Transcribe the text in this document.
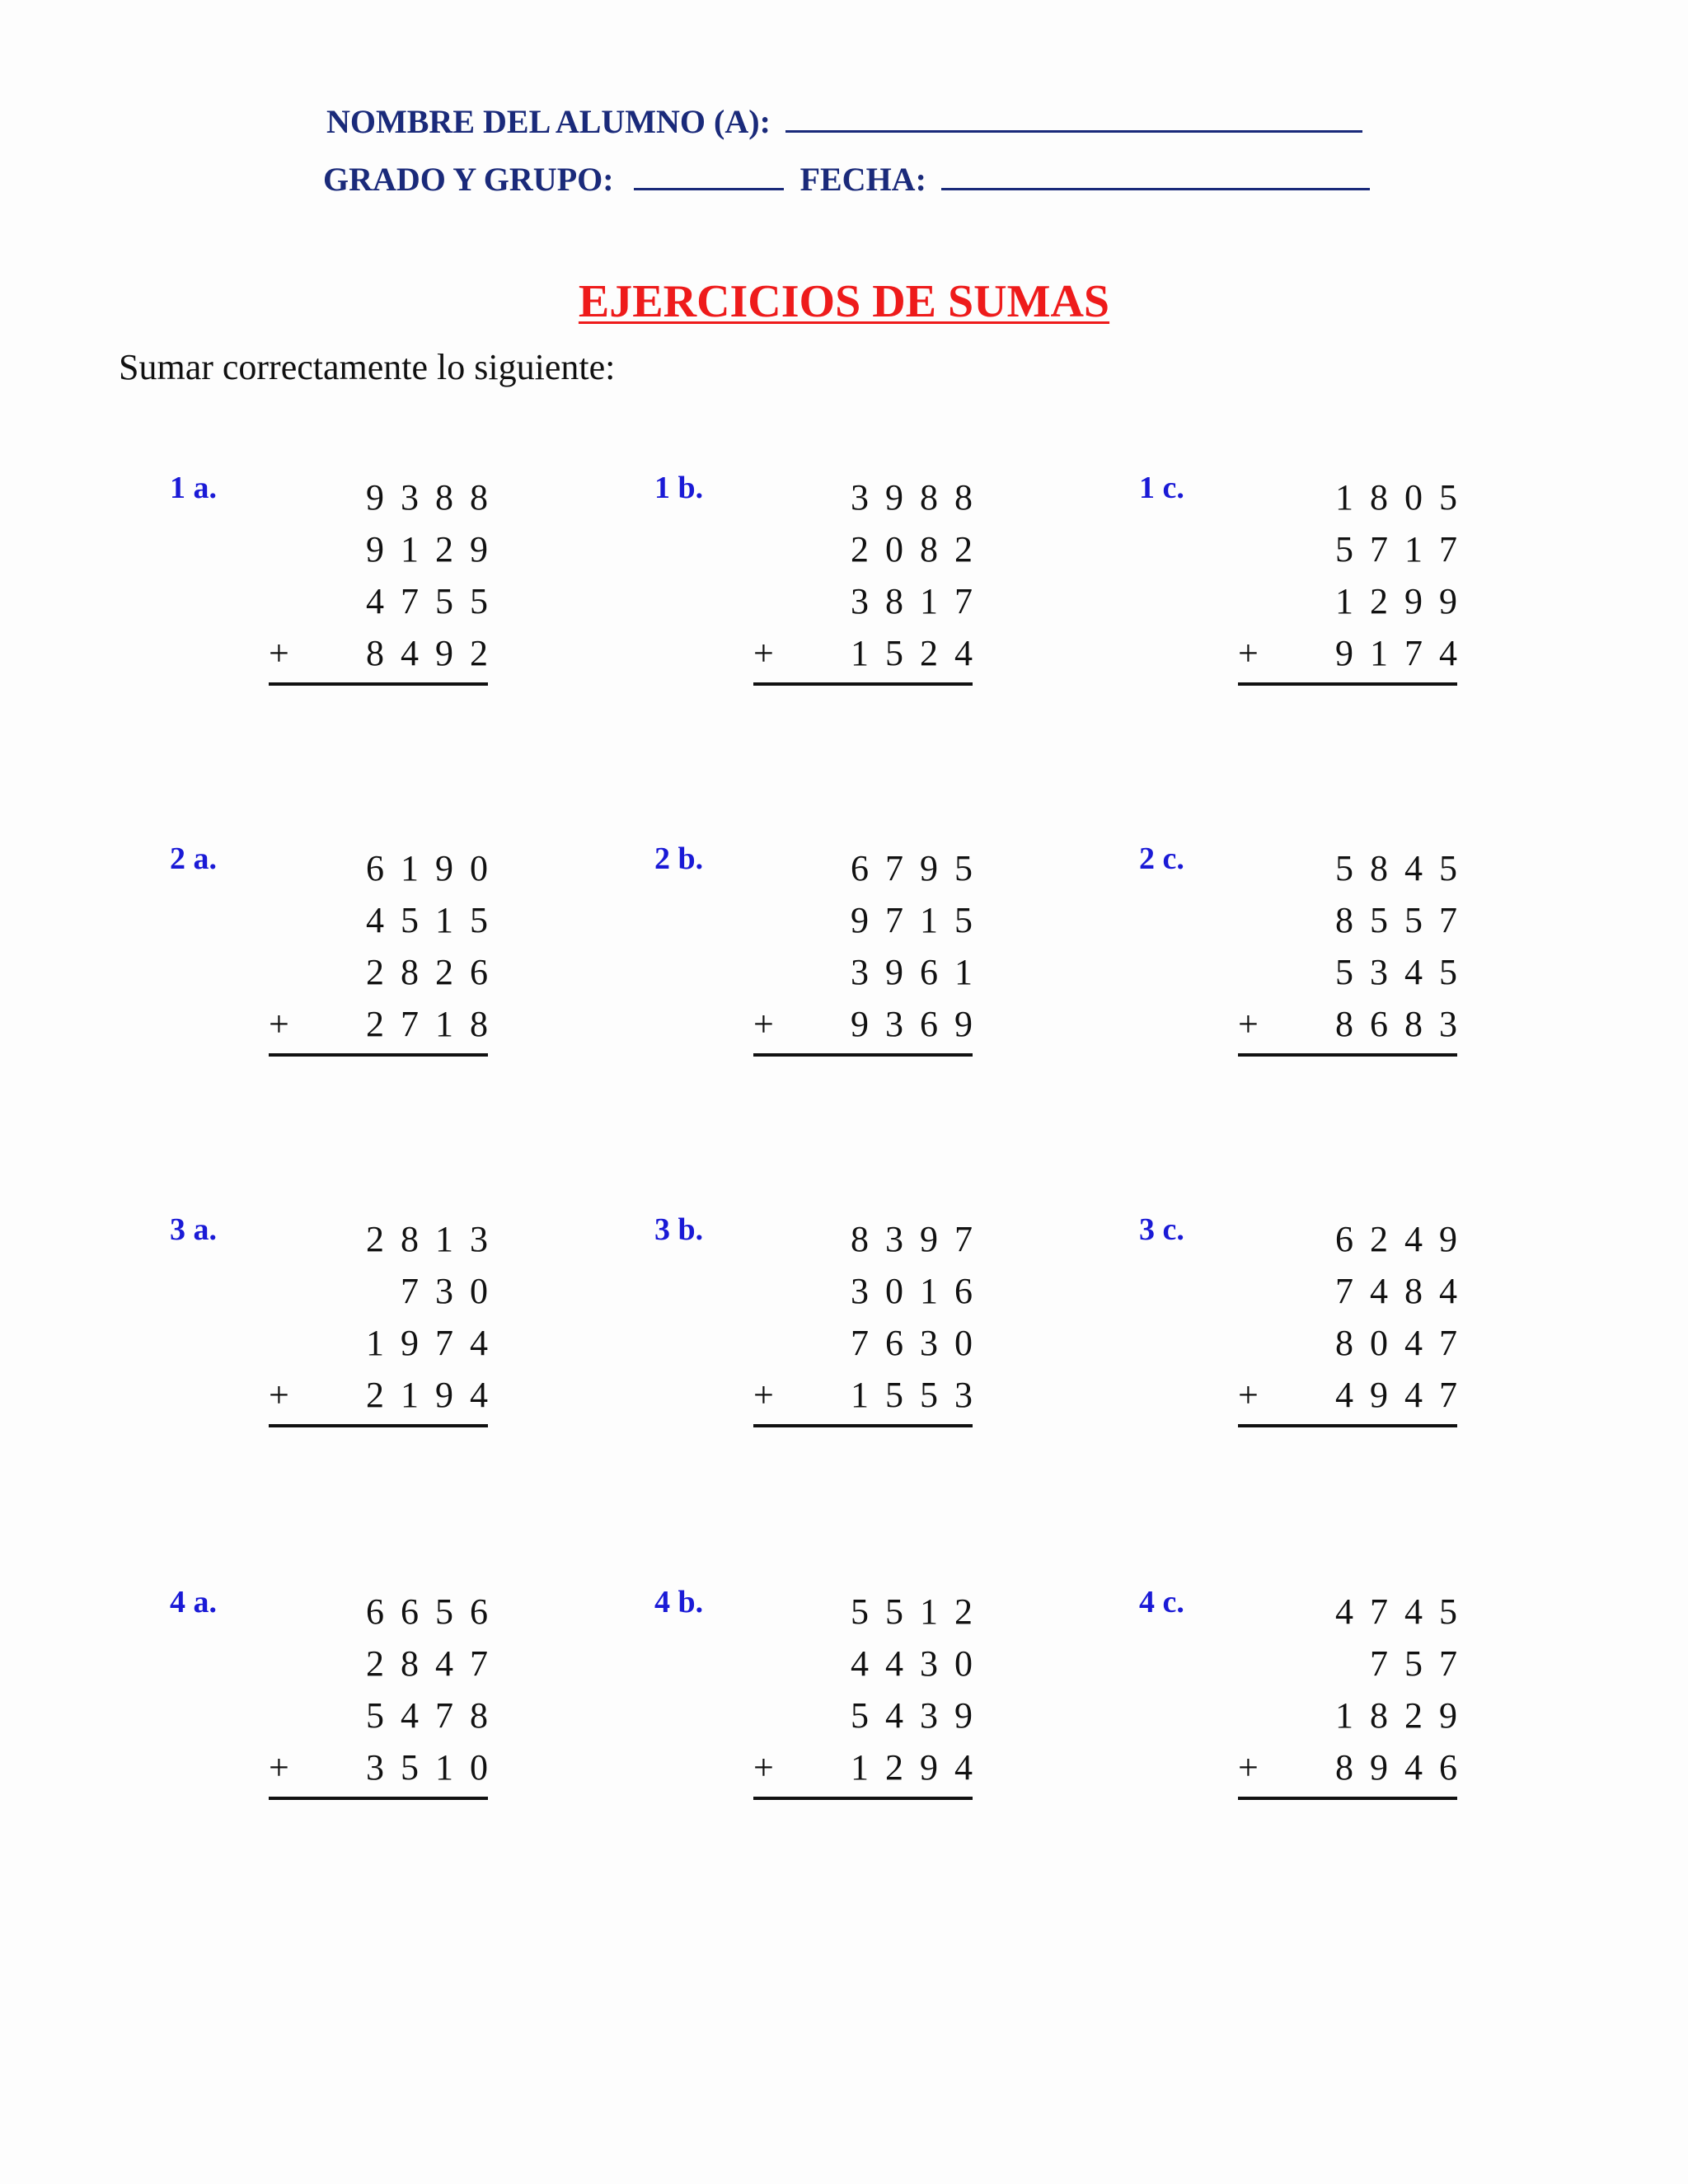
NOMBRE DEL ALUMNO (A):
GRADO Y GRUPO:	FECHA:
EJERCICIOS DE SUMAS
Sumar correctamente lo siguiente:
1 a.	9388
9129
4755
+ 8492
1 b.	3988
2082
3817
+ 1524
1 c.	1805
5717
1299
+ 9174
2 a.	6190
4515
2826
+ 2718
2 b.	6795
9715
3961
+ 9369
2 c.	5845
8557
5345
+ 8683
3 a.	2813
730
1974
+ 2194
3 b.	8397
3016
7630
+ 1553
3 c.	6249
7484
8047
+ 4947
4 a.	6656
2847
5478
+ 3510
4 b.	5512
4430
5439
+ 1294
4 c.	4745
757
1829
+ 8946
